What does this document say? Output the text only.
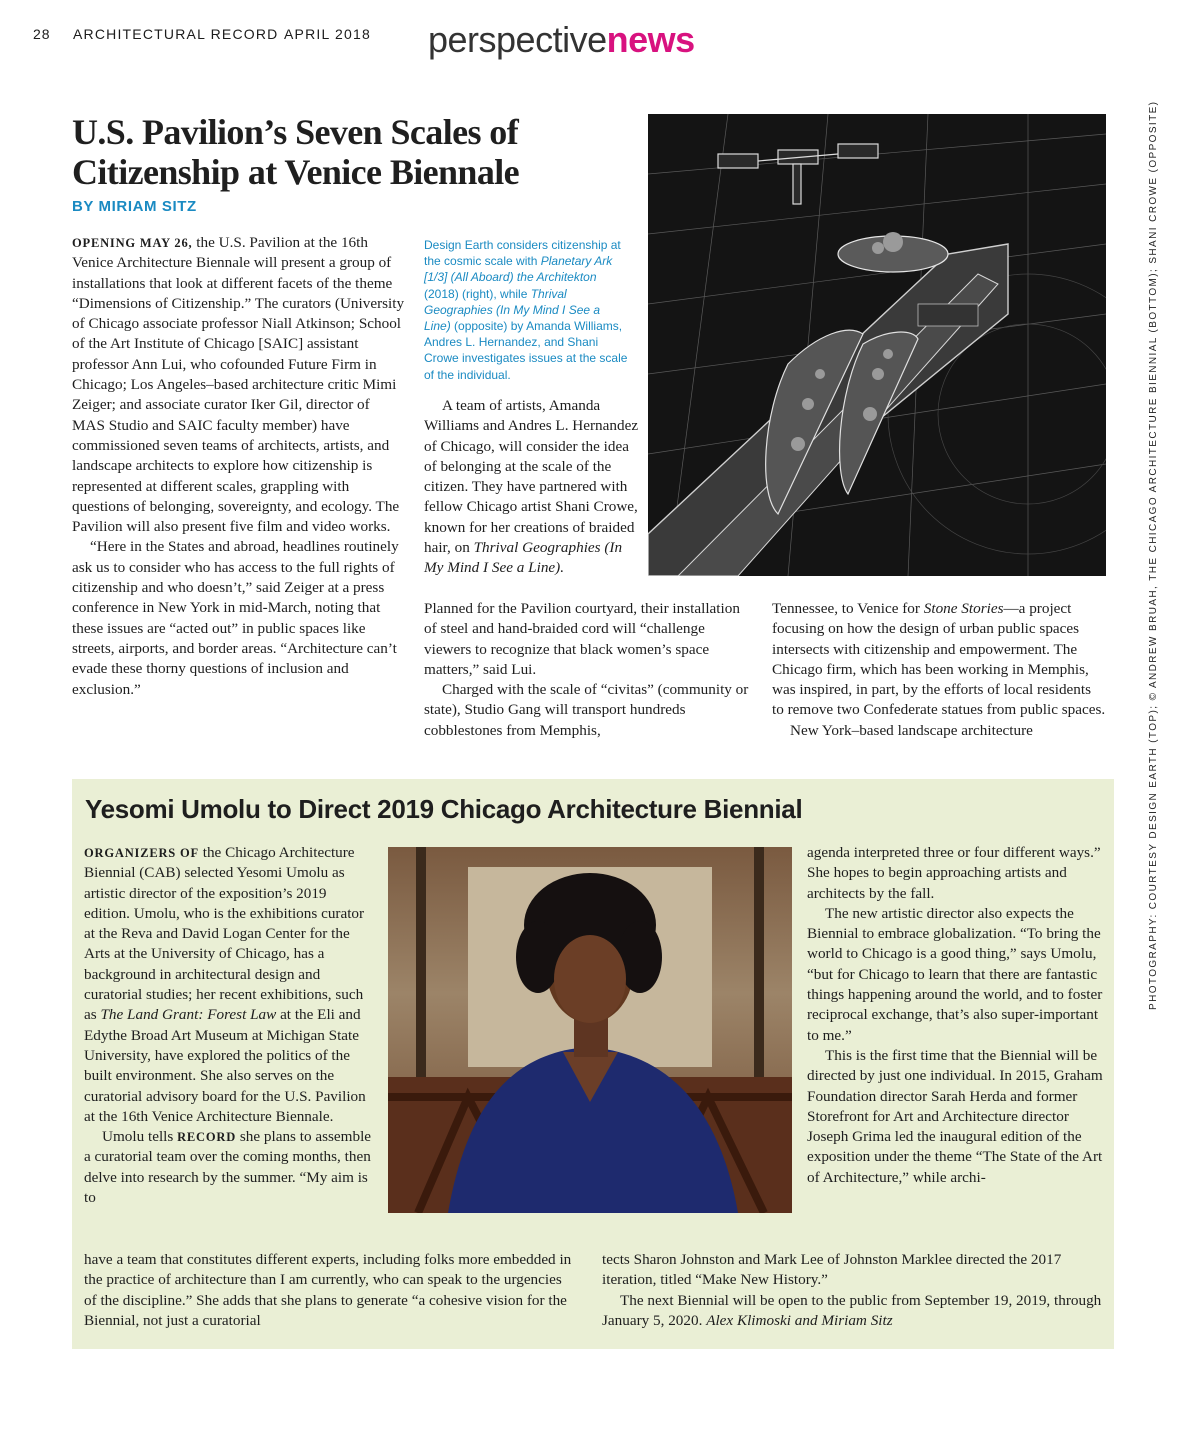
28 ARCHITECTURAL RECORD APRIL 2018 perspectivenews
U.S. Pavilion’s Seven Scales of Citizenship at Venice Biennale
BY MIRIAM SITZ

OPENING MAY 26, the U.S. Pavilion at the 16th Venice Architecture Biennale will present a group of installations that look at different facets of the theme “Dimensions of Citizenship.” The curators (University of Chicago associate professor Niall Atkinson; School of the Art Institute of Chicago [SAIC] assistant professor Ann Lui, who cofounded Future Firm in Chicago; Los Angeles–based architecture critic Mimi Zeiger; and associate curator Iker Gil, director of MAS Studio and SAIC faculty member) have commissioned seven teams of architects, artists, and landscape architects to explore how citizenship is represented at different scales, grappling with questions of belonging, sovereignty, and ecology. The Pavilion will also present five film and video works.

“Here in the States and abroad, headlines routinely ask us to consider who has access to the full rights of citizenship and who doesn’t,” said Zeiger at a press conference in New York in mid-March, noting that these issues are “acted out” in public spaces like streets, airports, and border areas. “Architecture can’t evade these thorny questions of inclusion and exclusion.”

Design Earth considers citizenship at the cosmic scale with Planetary Ark [1/3] (All Aboard) the Architekton (2018) (right), while Thrival Geographies (In My Mind I See a Line) (opposite) by Amanda Williams, Andres L. Hernandez, and Shani Crowe investigates issues at the scale of the individual.

A team of artists, Amanda Williams and Andres L. Hernandez of Chicago, will consider the idea of belonging at the scale of the citizen. They have partnered with fellow Chicago artist Shani Crowe, known for her creations of braided hair, on Thrival Geographies (In My Mind I See a Line).

Planned for the Pavilion courtyard, their installation of steel and hand-braided cord will “challenge viewers to recognize that black women’s space matters,” said Lui.

Charged with the scale of “civitas” (community or state), Studio Gang will transport hundreds cobblestones from Memphis,

Tennessee, to Venice for Stone Stories—a project focusing on how the design of urban public spaces intersects with citizenship and empowerment. The Chicago firm, which has been working in Memphis, was inspired, in part, by the efforts of local residents to remove two Confederate statues from public spaces.

New York–based landscape architecture	PHOTOGRAPHY: COURTESY DESIGN EARTH (TOP); © ANDREW BRUAH, THE CHICAGO ARCHITECTURE BIENNIAL (BOTTOM); SHANI CROWE (OPPOSITE)
Yesomi Umolu to Direct 2019 Chicago Architecture Biennial

ORGANIZERS OF the Chicago Architecture Biennial (CAB) selected Yesomi Umolu as artistic director of the exposition’s 2019 edition. Umolu, who is the exhibitions curator at the Reva and David Logan Center for the Arts at the University of Chicago, has a background in architectural design and curatorial studies; her recent exhibitions, such as The Land Grant: Forest Law at the Eli and Edythe Broad Art Museum at Michigan State University, have explored the politics of the built environment. She also serves on the curatorial advisory board for the U.S. Pavilion at the 16th Venice Architecture Biennale.

Umolu tells RECORD she plans to assemble a curatorial team over the coming months, then delve into research by the summer. “My aim is to

have a team that constitutes different experts, including folks more embedded in the practice of architecture than I am currently, who can speak to the urgencies of the discipline.” She adds that she plans to generate “a cohesive vision for the Biennial, not just a curatorial

agenda interpreted three or four different ways.” She hopes to begin approaching artists and architects by the fall.

The new artistic director also expects the Biennial to embrace globalization. “To bring the world to Chicago is a good thing,” says Umolu, “but for Chicago to learn that there are fantastic things happening around the world, and to foster reciprocal exchange, that’s also super-important to me.”

This is the first time that the Biennial will be directed by just one individual. In 2015, Graham Foundation director Sarah Herda and former Storefront for Art and Architecture director Joseph Grima led the inaugural edition of the exposition under the theme “The State of the Art of Architecture,” while archi-

tects Sharon Johnston and Mark Lee of Johnston Marklee directed the 2017 iteration, titled “Make New History.”

The next Biennial will be open to the public from September 19, 2019, through January 5, 2020. Alex Klimoski and Miriam Sitz
